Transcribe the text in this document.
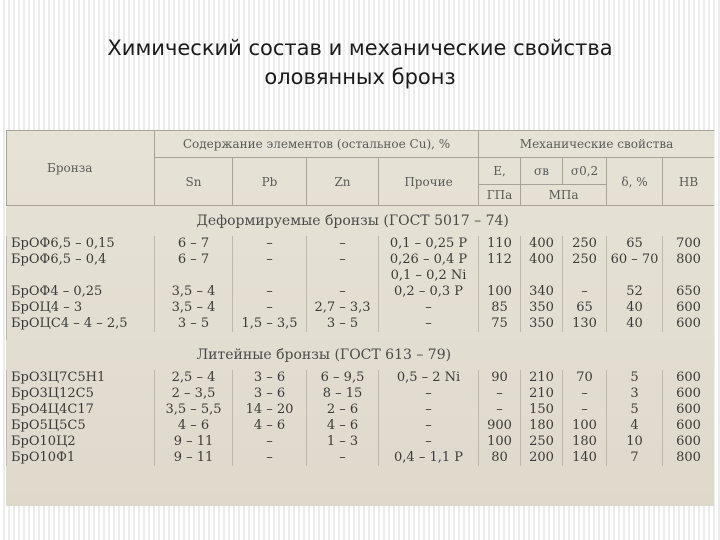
Химический состав и механические свойства
оловянных бронз
Бронза	Содержание элементов (остальное Cu), %				Механические свойства				
	Sn	Pb	Zn	Прочие	E,	σв	σ0,2	δ, %	HB
					ГПа	МПа			
Деформируемые бронзы (ГОСТ 5017 – 74)									
БрОФ6,5 – 0,15	6 – 7	–	–	0,1 – 0,25 P	110	400	250	65	700
БрОФ6,5 – 0,4	6 – 7	–	–	0,26 – 0,4 P	112	400	250	60 – 70	800
				0,1 – 0,2 Ni					
БрОФ4 – 0,25	3,5 – 4	–	–	0,2 – 0,3 P	100	340	–	52	650
БрОЦ4 – 3	3,5 – 4	–	2,7 – 3,3	–	85	350	65	40	600
БрОЦС4 – 4 – 2,5	3 – 5	1,5 – 3,5	3 – 5	–	75	350	130	40	600

Литейные бронзы (ГОСТ 613 – 79)									
БрО3Ц7С5Н1	2,5 – 4	3 – 6	6 – 9,5	0,5 – 2 Ni	90	210	70	5	600
БрО3Ц12С5	2 – 3,5	3 – 6	8 – 15	–	–	210	–	3	600
БрО4Ц4С17	3,5 – 5,5	14 – 20	2 – 6	–	–	150	–	5	600
БрО5Ц5С5	4 – 6	4 – 6	4 – 6	–	900	180	100	4	600
БрО10Ц2	9 – 11	–	1 – 3	–	100	250	180	10	600
БрО10Ф1	9 – 11	–	–	0,4 – 1,1 P	80	200	140	7	800
